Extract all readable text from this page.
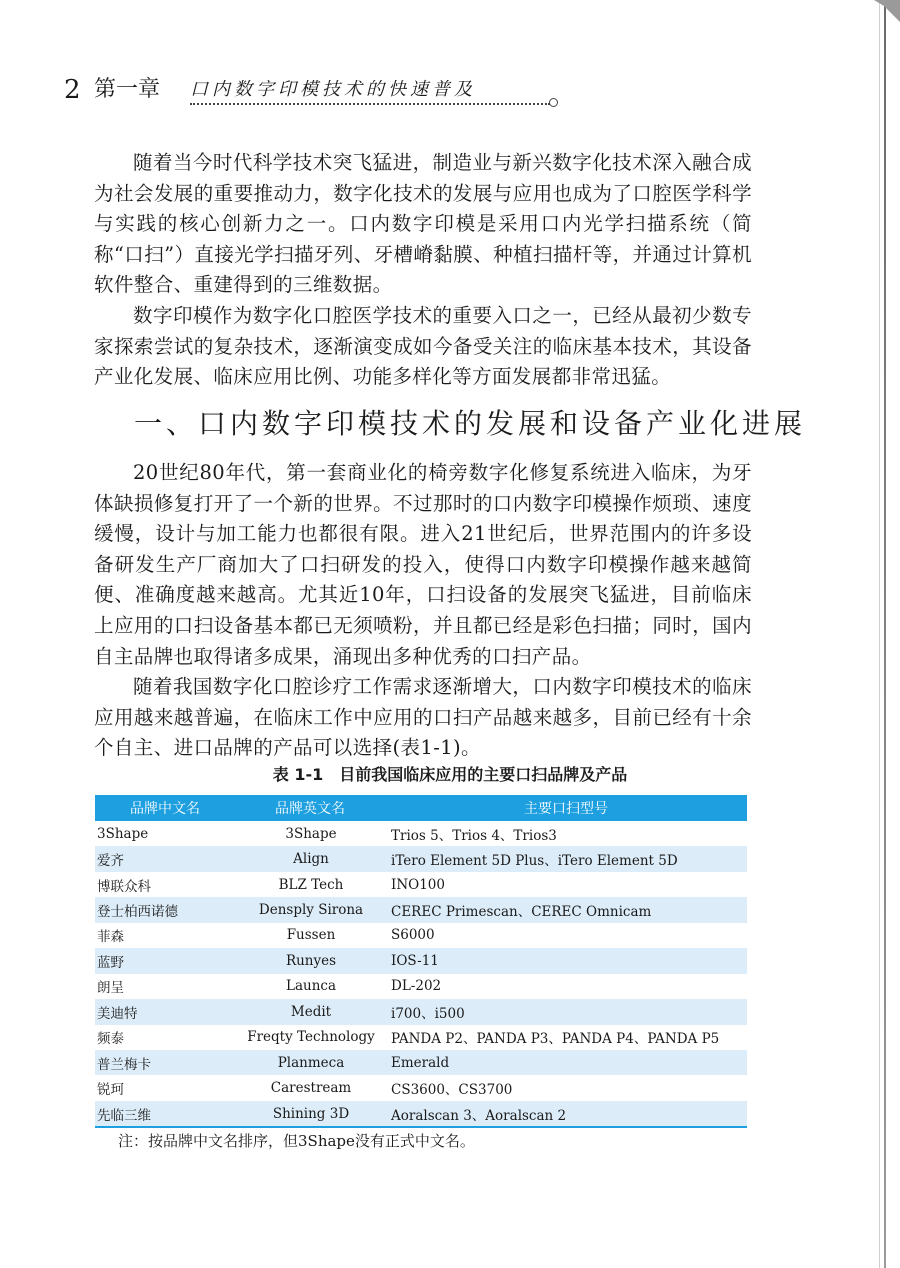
2 第一章 口内数字印模技术的快速普及

随着当今时代科学技术突飞猛进，制造业与新兴数字化技术深入融合成为社会发展的重要推动力，数字化技术的发展与应用也成为了口腔医学科学与实践的核心创新力之一。口内数字印模是采用口内光学扫描系统（简称“口扫”）直接光学扫描牙列、牙槽嵴黏膜、种植扫描杆等，并通过计算机软件整合、重建得到的三维数据。

数字印模作为数字化口腔医学技术的重要入口之一，已经从最初少数专家探索尝试的复杂技术，逐渐演变成如今备受关注的临床基本技术，其设备产业化发展、临床应用比例、功能多样化等方面发展都非常迅猛。

一、口内数字印模技术的发展和设备产业化进展

20世纪80年代，第一套商业化的椅旁数字化修复系统进入临床，为牙体缺损修复打开了一个新的世界。不过那时的口内数字印模操作烦琐、速度缓慢，设计与加工能力也都很有限。进入21世纪后，世界范围内的许多设备研发生产厂商加大了口扫研发的投入，使得口内数字印模操作越来越简便、准确度越来越高。尤其近10年，口扫设备的发展突飞猛进，目前临床上应用的口扫设备基本都已无须喷粉，并且都已经是彩色扫描；同时，国内自主品牌也取得诸多成果，涌现出多种优秀的口扫产品。

随着我国数字化口腔诊疗工作需求逐渐增大，口内数字印模技术的临床应用越来越普遍，在临床工作中应用的口扫产品越来越多，目前已经有十余个自主、进口品牌的产品可以选择(表1-1)。

表 1-1　目前我国临床应用的主要口扫品牌及产品
品牌中文名	品牌英文名	主要口扫型号
3Shape	3Shape	Trios 5、Trios 4、Trios3
爱齐	Align	iTero Element 5D Plus、iTero Element 5D
博联众科	BLZ Tech	INO100
登士柏西诺德	Densply Sirona	CEREC Primescan、CEREC Omnicam
菲森	Fussen	S6000
蓝野	Runyes	IOS-11
朗呈	Launca	DL-202
美迪特	Medit	i700、i500
频泰	Freqty Technology	PANDA P2、PANDA P3、PANDA P4、PANDA P5
普兰梅卡	Planmeca	Emerald
锐珂	Carestream	CS3600、CS3700
先临三维	Shining 3D	Aoralscan 3、Aoralscan 2
注：按品牌中文名排序，但3Shape没有正式中文名。
